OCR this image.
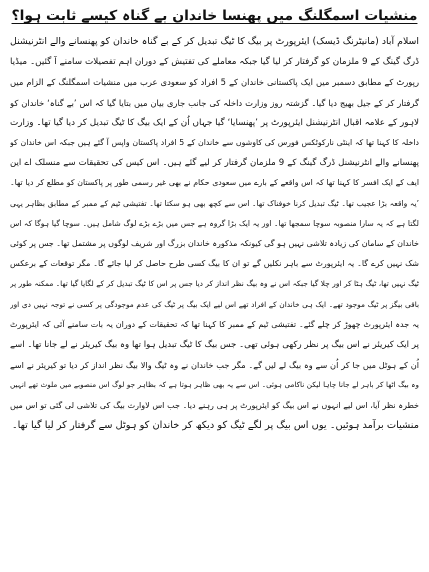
منشیات اسمگلنگ میں پھنسا خاندان بے گناہ کیسے ثابت ہوا؟
اسلام آباد (مانیٹرنگ ڈیسک) ایئرپورٹ پر بیگ کا ٹیگ تبدیل کر کے بے گناہ خاندان کو پھنسانے والے انٹرنیشنل
ڈرگ گینگ کے 9 ملزمان کو گرفتار کر لیا گیا جبکہ معاملے کی تفتیش کے دوران اہم تفصیلات سامنے آ گئیں۔ میڈیا
رپورٹ کے مطابق دسمبر میں ایک پاکستانی خاندان کے 5 افراد کو سعودی عرب میں منشیات اسمگلنگ کے الزام میں
گرفتار کر کے جیل بھیج دیا گیا۔ گزشتہ روز وزارت داخلہ کی جانب جاری بیان میں بتایا گیا کہ اس ’بے گناہ‘ خاندان کو
لاہور کے علامہ اقبال انٹرنیشنل ایئرپورٹ پر ’پھنسایا‘ گیا جہاں اُن کے ایک بیگ کا ٹیگ تبدیل کر دیا گیا تھا۔ وزارت
داخلہ کا کہنا تھا کہ اینٹی نارکوٹکس فورس کی کاوشوں سے خاندان کے 5 افراد پاکستان واپس آ گئے ہیں جبکہ اس خاندان کو
پھنسانے والے انٹرنیشنل ڈرگ گینگ کے 9 ملزمان گرفتار کر لیے گئے ہیں۔ اس کیس کی تحقیقات سے منسلک اے این
ایف کے ایک افسر کا کہنا تھا کہ اس واقعے کے بارے میں سعودی حکام نے بھی غیر رسمی طور پر پاکستان کو مطلع کر دیا تھا۔
’یہ واقعہ بڑا عجیب تھا۔ ٹیگ تبدیل کرنا خوفناک تھا۔ اس سے کچھ بھی ہو سکتا تھا۔ تفتیشی ٹیم کے ممبر کے مطابق بظاہر یہی
لگتا ہے کہ یہ سارا منصوبہ سوچا سمجھا تھا۔ اور یہ ایک بڑا گروہ ہے جس میں بڑے بڑے لوگ شامل ہیں۔ سوچا گیا ہوگا کہ اس
خاندان کے سامان کی زیادہ تلاشی نہیں ہو گی کیونکہ مذکورہ خاندان بزرگ اور شریف لوگوں پر مشتمل تھا۔ جس پر کوئی
شک نہیں کرے گا۔ یہ ایئرپورٹ سے باہر نکلیں گے تو ان کا بیگ کسی طرح حاصل کر لیا جائے گا۔ مگر توقعات کے برعکس
ٹیگ نہیں تھا، ٹیگ ہٹا کر اور چلا گیا جبکہ اس نے وہ بیگ نظر انداز کر دیا جس پر اس کا ٹیگ تبدیل کر کے لگایا گیا تھا۔ ممکنہ طور پر
باقی بیگز پر ٹیگ موجود تھے۔ ایک ہی خاندان کے افراد تھے اس لیے ایک بیگ پر ٹیگ کی عدم موجودگی پر کسی نے توجہ نہیں دی اور
یہ جدہ ایئرپورٹ چھوڑ کر چلے گئے۔ تفتیشی ٹیم کے ممبر کا کہنا تھا کہ تحقیقات کے دوران یہ بات سامنے آئی کہ ایئرپورٹ
پر ایک کیریئر نے اس بیگ پر نظر رکھی ہوئی تھی۔ جس بیگ کا ٹیگ تبدیل ہوا تھا وہ بیگ کیریئر نے لے جانا تھا۔ اسے
اُن کے ہوٹل میں جا کر اُن سے وہ بیگ لے لیں گے۔ مگر جب خاندان نے وہ ٹیگ والا بیگ نظر انداز کر دیا تو کیریئر نے اسے
وہ بیگ اٹھا کر باہر لے جانا چاہا لیکن ناکامی ہوئی۔ اس سے یہ بھی ظاہر ہوتا ہے کہ بظاہر جو لوگ اس منصوبے میں ملوث تھے انہیں
خطرہ نظر آیا، اس لیے انہوں نے اس بیگ کو ایئرپورٹ پر ہی رہنے دیا۔ جب اس لاوارث بیگ کی تلاشی لی گئی تو اس میں
منشیات برآمد ہوئیں۔ یوں اس بیگ پر لگے ٹیگ کو دیکھ کر خاندان کو ہوٹل سے گرفتار کر لیا گیا تھا۔
